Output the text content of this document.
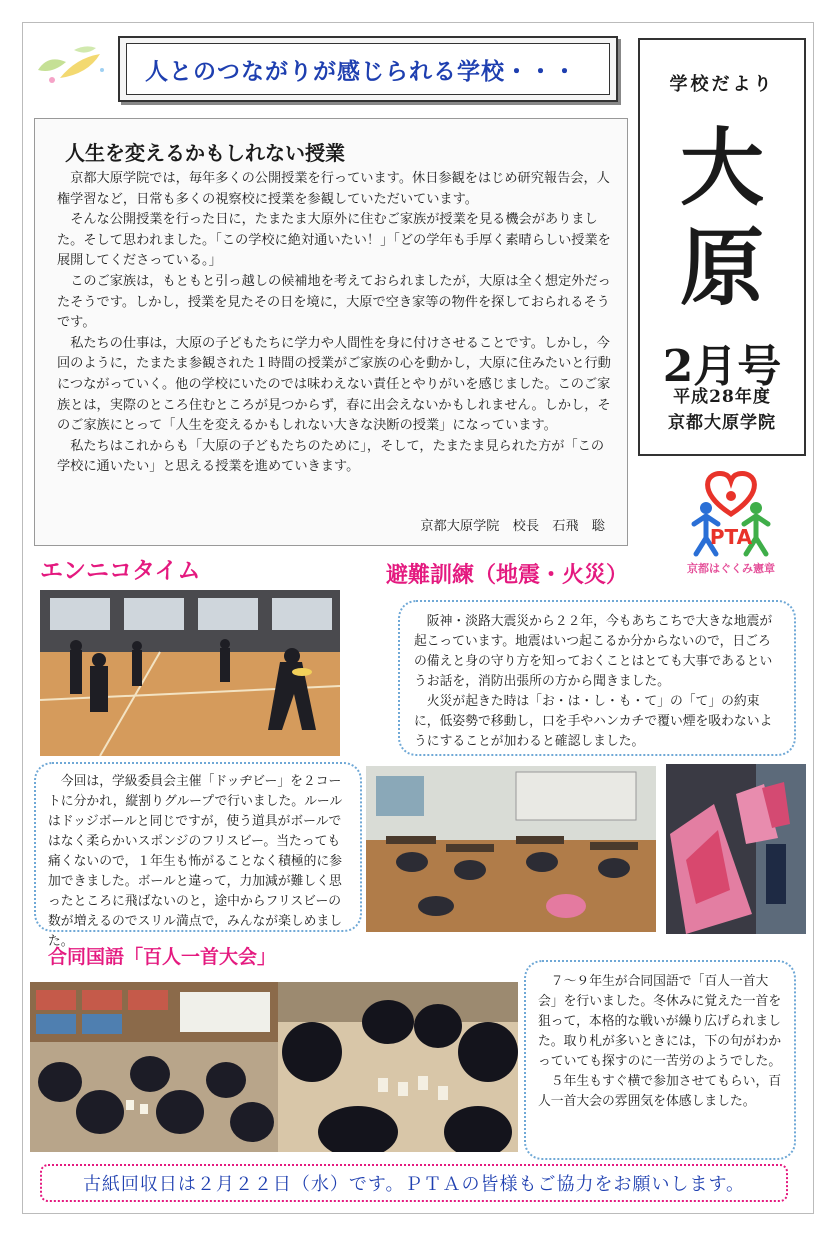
人とのつながりが感じられる学校・・・	学校だより
大
原
2月号
平成28年度
京都大原学院
PTA
京都はぐくみ憲章
人生を変えるかもしれない授業

京都大原学院では，毎年多くの公開授業を行っています。休日参観をはじめ研究報告会，人権学習など，日常も多くの視察校に授業を参観していただいています。

そんな公開授業を行った日に，たまたま大原外に住むご家族が授業を見る機会がありました。そして思われました。「この学校に絶対通いたい！」「どの学年も手厚く素晴らしい授業を展開してくださっている。」

このご家族は，もともと引っ越しの候補地を考えておられましたが，大原は全く想定外だったそうです。しかし，授業を見たその日を境に，大原で空き家等の物件を探しておられるそうです。

私たちの仕事は，大原の子どもたちに学力や人間性を身に付けさせることです。しかし，今回のように，たまたま参観された１時間の授業がご家族の心を動かし，大原に住みたいと行動につながっていく。他の学校にいたのでは味わえない責任とやりがいを感じました。このご家族とは，実際のところ住むところが見つからず，春に出会えないかもしれません。しかし，そのご家族にとって「人生を変えるかもしれない大きな決断の授業」になっています。

私たちはこれからも「大原の子どもたちのために」，そして，たまたま見られた方が「この学校に通いたい」と思える授業を進めていきます。

京都大原学院　校長　石飛　聡
エンニコタイム

今回は，学級委員会主催「ドッヂビー」を２コートに分かれ，縦割りグループで行いました。ルールはドッジボールと同じですが，使う道具がボールではなく柔らかいスポンジのフリスビー。当たっても痛くないので，１年生も怖がることなく積極的に参加できました。ボールと違って，力加減が難しく思ったところに飛ばないのと，途中からフリスビーの数が増えるのでスリル満点で，みんなが楽しめました。

避難訓練（地震・火災）

阪神・淡路大震災から２２年，今もあちこちで大きな地震が起こっています。地震はいつ起こるか分からないので，日ごろの備えと身の守り方を知っておくことはとても大事であるというお話を，消防出張所の方から聞きました。

火災が起きた時は「お・は・し・も・て」の「て」の約束に，低姿勢で移動し，口を手やハンカチで覆い煙を吸わないようにすることが加わると確認しました。

合同国語「百人一首大会」

７～９年生が合同国語で「百人一首大会」を行いました。冬休みに覚えた一首を狙って，本格的な戦いが繰り広げられました。取り札が多いときには，下の句がわかっていても探すのに一苦労のようでした。

５年生もすぐ横で参加させてもらい，百人一首大会の雰囲気を体感しました。

古紙回収日は２月２２日（水）です。ＰＴＡの皆様もご協力をお願いします。
